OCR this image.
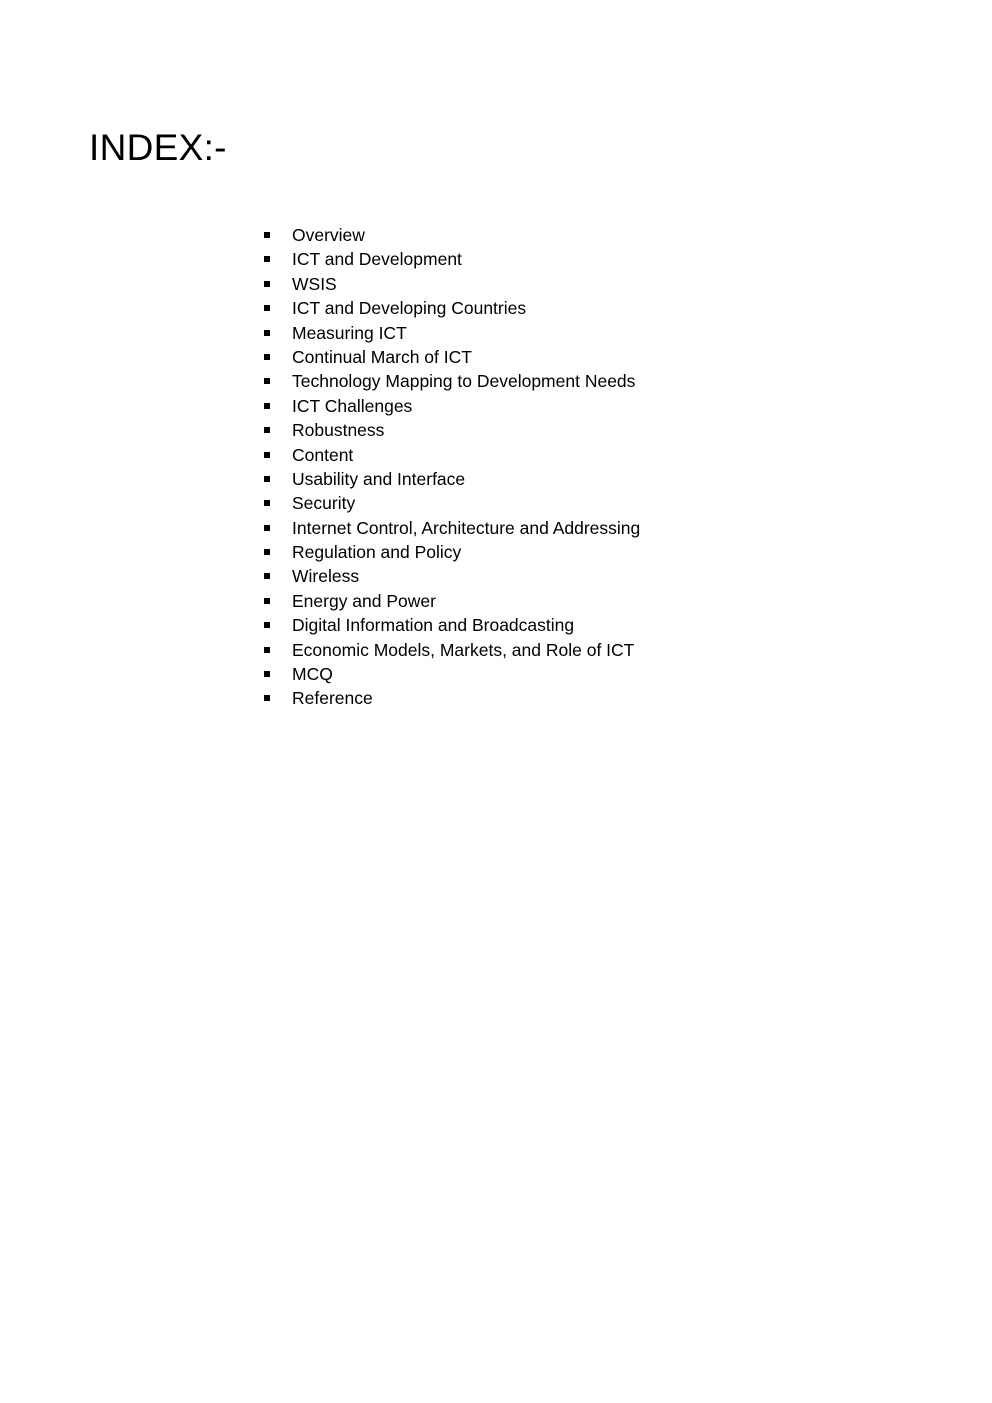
INDEX:-
Overview
ICT and Development
WSIS
ICT and Developing Countries
Measuring ICT
Continual March of ICT
Technology Mapping to Development Needs
ICT Challenges
Robustness
Content
Usability and Interface
Security
Internet Control, Architecture and Addressing
Regulation and Policy
Wireless
Energy and Power
Digital Information and Broadcasting
Economic Models, Markets, and Role of ICT
MCQ
Reference
